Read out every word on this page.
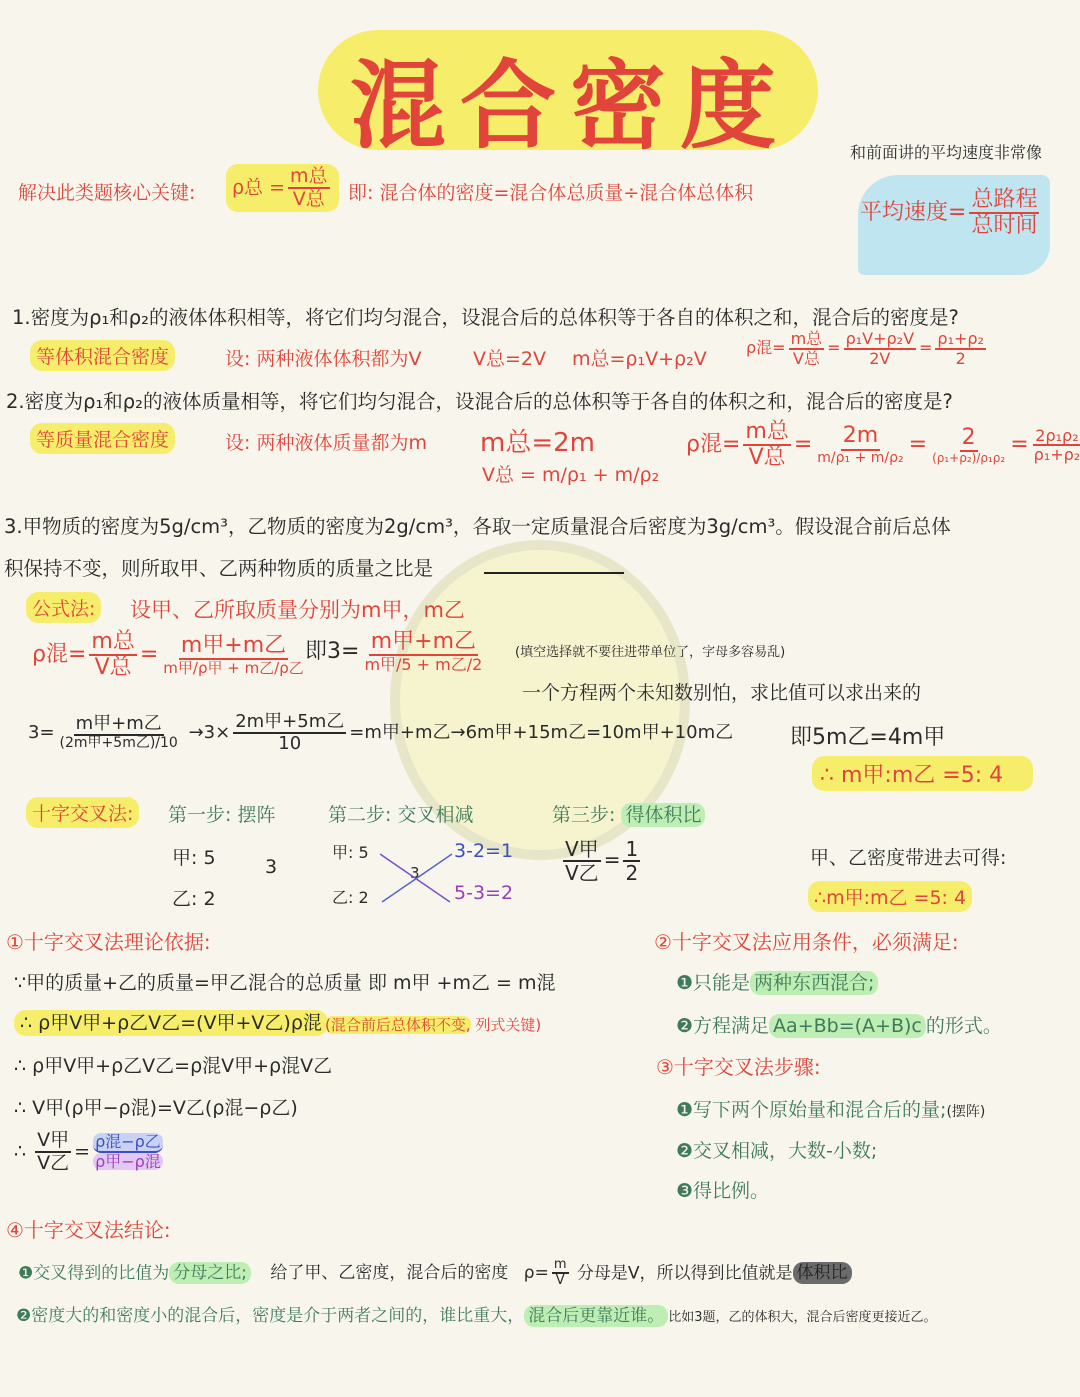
混合密度	和前面讲的平均速度非常像
解决此类题核心关键:	ρ总 = $\frac{\text{m总}}{\text{V总}}$ 即: 混合体的密度=混合体总质量÷混合体总体积
平均速度= $\frac{\text{总路程}}{\text{总时间}}$
1.密度为ρ₁和ρ₂的液体体积相等，将它们均匀混合，设混合后的总体积等于各自的体积之和，混合后的密度是?
等体积混合密度	设: 两种液体体积都为V	V总=2V m总=ρ₁V+ρ₂V
ρ混= $\frac{\text{m总}}{\text{V总}} = \frac{\text{ρ₁V+ρ₂V}}{2V} = \frac{\text{ρ₁+ρ₂}}{2}$
2.密度为ρ₁和ρ₂的液体质量相等，将它们均匀混合，设混合后的总体积等于各自的体积之和，混合后的密度是?
等质量混合密度	设: 两种液体质量都为m m总=2m
V总 = m/ρ₁ + m/ρ₂
ρ混= $\frac{\text{m总}}{\text{V总}} = \frac{2m}{\text{m/ρ₁ + m/ρ₂}} = \frac{2}{\text{(ρ₁+ρ₂)/ρ₁ρ₂}} = \frac{\text{2ρ₁ρ₂}}{\text{ρ₁+ρ₂}}$
3.甲物质的密度为5g/cm³，乙物质的密度为2g/cm³，各取一定质量混合后密度为3g/cm³。假设混合前后总体
积保持不变，则所取甲、乙两种物质的质量之比是
公式法: 设甲、乙所取质量分别为m甲，m乙
ρ混= $\frac{\text{m总}}{\text{V总}} = \frac{\text{m甲+m乙}}{\text{m甲/ρ甲 + m乙/ρ乙}}$ 即$3= \frac{\text{m甲+m乙}}{\text{m甲/5 + m乙/2}}$ (填空选择就不要往进带单位了，字母多容易乱)
一个方程两个未知数别怕，求比值可以求出来的
$3= \frac{\text{m甲+m乙}}{\text{(2m甲+5m乙)/10}} \to 3\times \frac{\text{2m甲+5m乙}}{10} =m$甲+m乙→6m甲+15m乙=10m甲+10m乙	即5m乙=4m甲
∴ m甲:m乙 =5: 4
十字交叉法:	第一步: 摆阵	第二步: 交叉相减	第三步: 得体积比
甲: 5
乙: 2
3
甲: 5
乙: 2
3
3-2=1
5-3=2
$\frac{\text{V甲}}{\text{V乙}} = \frac{1}{2}$	甲、乙密度带进去可得:
∴m甲:m乙 =5: 4
①十字交叉法理论依据:
∵甲的质量+乙的质量=甲乙混合的总质量 即 m甲 +m乙 = m混
∴ ρ甲V甲+ρ乙V乙=(V甲+V乙)ρ混 (混合前后总体积不变, 列式关键)
∴ ρ甲V甲+ρ乙V乙=ρ混V甲+ρ混V乙
∴ V甲(ρ甲−ρ混)=V乙(ρ混−ρ乙)
∴ $\frac{\text{V甲}}{\text{V乙}} = \frac{\text{ρ混−ρ乙}}{\text{ρ甲−ρ混}}$
②十字交叉法应用条件，必须满足:
❶只能是 两种东西混合;
❷方程满足 Aa+Bb=(A+B)c 的形式。
③十字交叉法步骤:
❶写下两个原始量和混合后的量;(摆阵)
❷交叉相减，大数-小数;
❸得比例。
④十字交叉法结论:
❶交叉得到的比值为 分母之比; 给了甲、乙密度，混合后的密度 $\rho= \frac{m}{V}$ 分母是V，所以得到比值就是 体积比
❷密度大的和密度小的混合后，密度是介于两者之间的，谁比重大， 混合后更靠近谁。 比如3题，乙的体积大，混合后密度更接近乙。
